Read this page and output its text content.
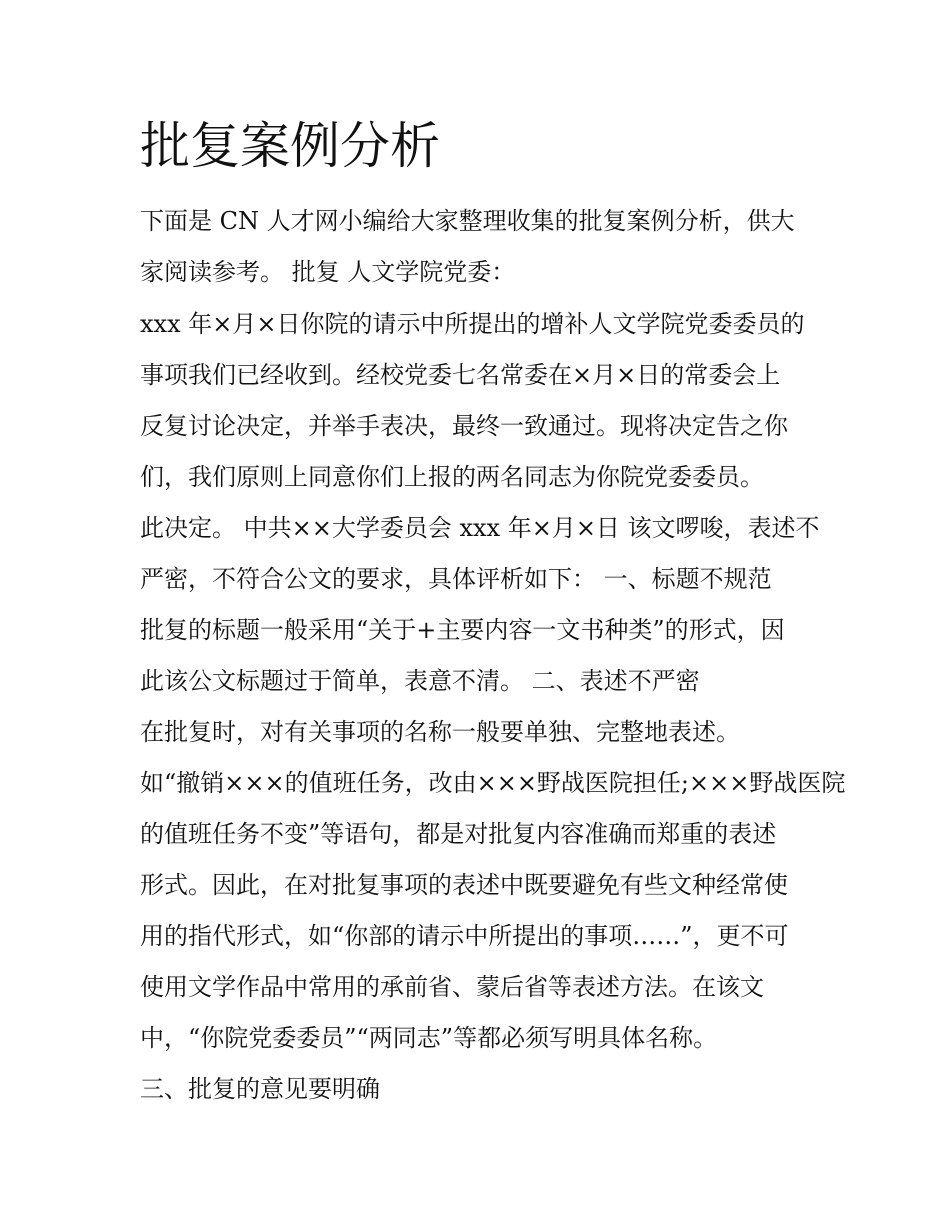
批复案例分析

下面是 CN 人才网小编给大家整理收集的批复案例分析，供大

家阅读参考。 批复 人文学院党委：

xxx 年×月×日你院的请示中所提出的增补人文学院党委委员的

事项我们已经收到。经校党委七名常委在×月×日的常委会上

反复讨论决定，并举手表决，最终一致通过。现将决定告之你

们，我们原则上同意你们上报的两名同志为你院党委委员。

此决定。 中共××大学委员会 xxx 年×月×日 该文啰唆，表述不

严密，不符合公文的要求，具体评析如下： 一、标题不规范

批复的标题一般采用“关于+主要内容一文书种类”的形式，因

此该公文标题过于简单，表意不清。 二、表述不严密

在批复时，对有关事项的名称一般要单独、完整地表述。

如“撤销×××的值班任务，改由×××野战医院担任;×××野战医院

的值班任务不变”等语句，都是对批复内容准确而郑重的表述

形式。因此，在对批复事项的表述中既要避免有些文种经常使

用的指代形式，如“你部的请示中所提出的事项……”，更不可

使用文学作品中常用的承前省、蒙后省等表述方法。在该文

中，“你院党委委员”“两同志”等都必须写明具体名称。

三、批复的意见要明确
